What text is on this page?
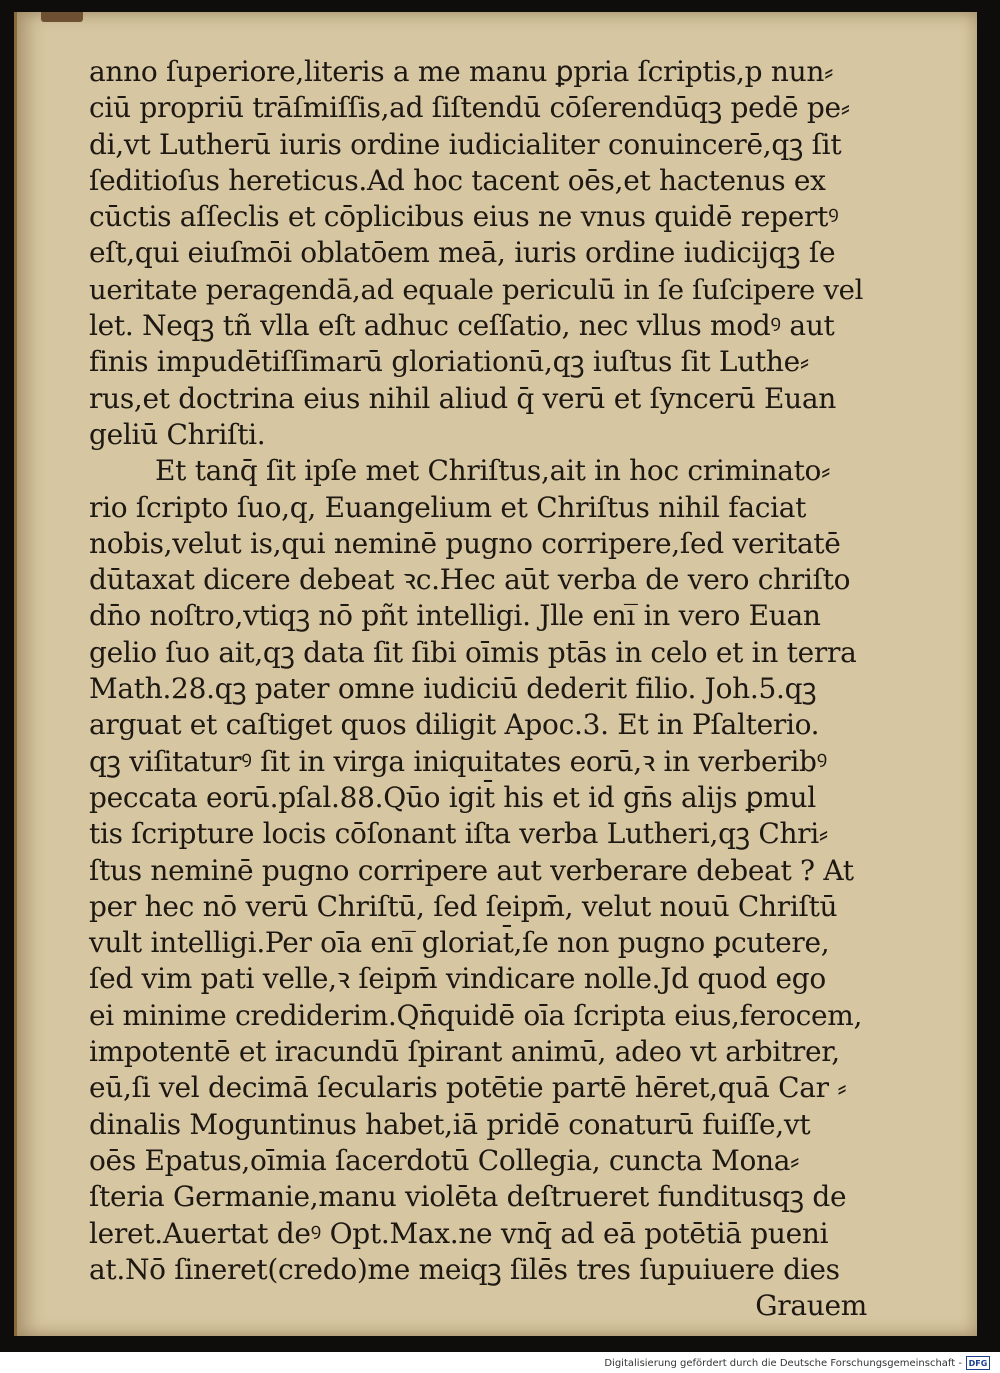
anno ſuperiore,literis a me manu ꝑpria ſcriptis,p nun⸗
ciū propriū trāſmiſſis,ad ſiſtendū cōſerendūqꝫ pedē pe⸗
di,vt Lutherū iuris ordine iudicialiter conuincerē,qꝫ ſit
ſeditioſus hereticus.Ad hoc tacent oēs,et hactenus ex
cūctis aſſeclis et cōplicibus eius ne vnus quidē repertꝰ
eſt,qui eiuſmōi oblatōem meā, iuris ordine iudicijqꝫ ſe
ueritate peragendā,ad equale periculū in ſe ſuſcipere vel
let. Neqꝫ tñ vlla eſt adhuc ceſſatio, nec vllus modꝰ aut
finis impudētiſſimarū gloriationū,qꝫ iuſtus ſit Luthe⸗
rus,et doctrina eius nihil aliud q̄ verū et ſyncerū Euan
geliū Chriſti.
Et tanq̄ ſit ipſe met Chriſtus,ait in hoc criminato⸗
rio ſcripto ſuo,q, Euangelium et Chriſtus nihil faciat
nobis,velut is,qui neminē pugno corripere,ſed veritatē
dūtaxat dicere debeat ꝛc.Hec aūt verba de vero chriſto
dn̄o noſtro,vtiqꝫ nō pñt intelligi. Jlle eni̅ in vero Euan
gelio ſuo ait,qꝫ data ſit ſibi oīmis ptās in celo et in terra
Math.28.qꝫ pater omne iudiciū dederit filio. Joh.5.qꝫ
arguat et caſtiget quos diligit Apoc.3. Et in Pſalterio.
qꝫ viſitaturꝰ ſit in virga iniquitates eorū,ꝛ in verberibꝰ
peccata eorū.pſal.88.Qūo igit̄ his et id gn̄s alijs ꝑmul
tis ſcripture locis cōſonant iſta verba Lutheri,qꝫ Chri⸗
ſtus neminē pugno corripere aut verberare debeat ? At
per hec nō verū Chriſtū, ſed ſeipm̄, velut nouū Chriſtū
vult intelligi.Per oīa eni̅ gloriat̄,ſe non pugno ꝑcutere,
ſed vim pati velle,ꝛ ſeipm̄ vindicare nolle.Jd quod ego
ei minime crediderim.Qn̄quidē oīa ſcripta eius,ferocem,
impotentē et iracundū ſpirant animū, adeo vt arbitrer,
eū,ſi vel decimā ſecularis potētie partē hēret,quā Car ⸗
dinalis Moguntinus habet,iā pridē conaturū fuiſſe,vt
oēs Epatus,oīmia ſacerdotū Collegia, cuncta Mona⸗
ſteria Germanie,manu violēta deſtrueret funditusqꝫ de
leret.Auertat deꝰ Opt.Max.ne vnq̄ ad eā potētiā pueni
at.Nō ſineret(credo)me meiqꝫ ſilēs tres ſupuiuere dies
Grauem
Digitalisierung gefördert durch die Deutsche Forschungsgemeinschaft - DFG
